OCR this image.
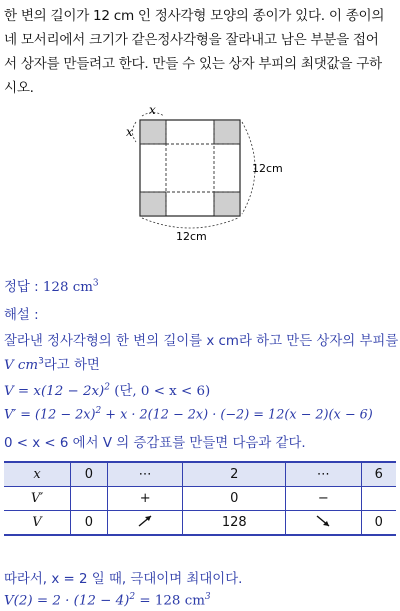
한 변의 길이가 12 cm 인 정사각형 모양의 종이가 있다. 이 종이의

네 모서리에서 크기가 같은정사각형을 잘라내고 남은 부분을 접어

서 상자를 만들려고 한다. 만들 수 있는 상자 부피의 최댓값을 구하

시오.

x
x
12cm
12cm
정답 : 128 $cm^3$
해설 :
잘라낸 정사각형의 한 변의 길이를 x cm라 하고 만든 상자의 부피를
V $cm^3$라고 하면
$V = x(12 - 2x)^2$ (단, 0 < x < 6)
$V' = (12 - 2x)^2 + x \cdot 2(12 - 2x) \cdot (-2) = 12(x - 2)(x - 6)$
0 < x < 6 에서 V 의 증감표를 만들면 다음과 같다.
x	0	⋯	2	⋯	6
V′		+	0	−	
V	0		128		0
따라서, x = 2 일 때, 극대이며 최대이다.
$V(2) = 2 \cdot (12 - 4)^2 = 128$ $cm^3$
